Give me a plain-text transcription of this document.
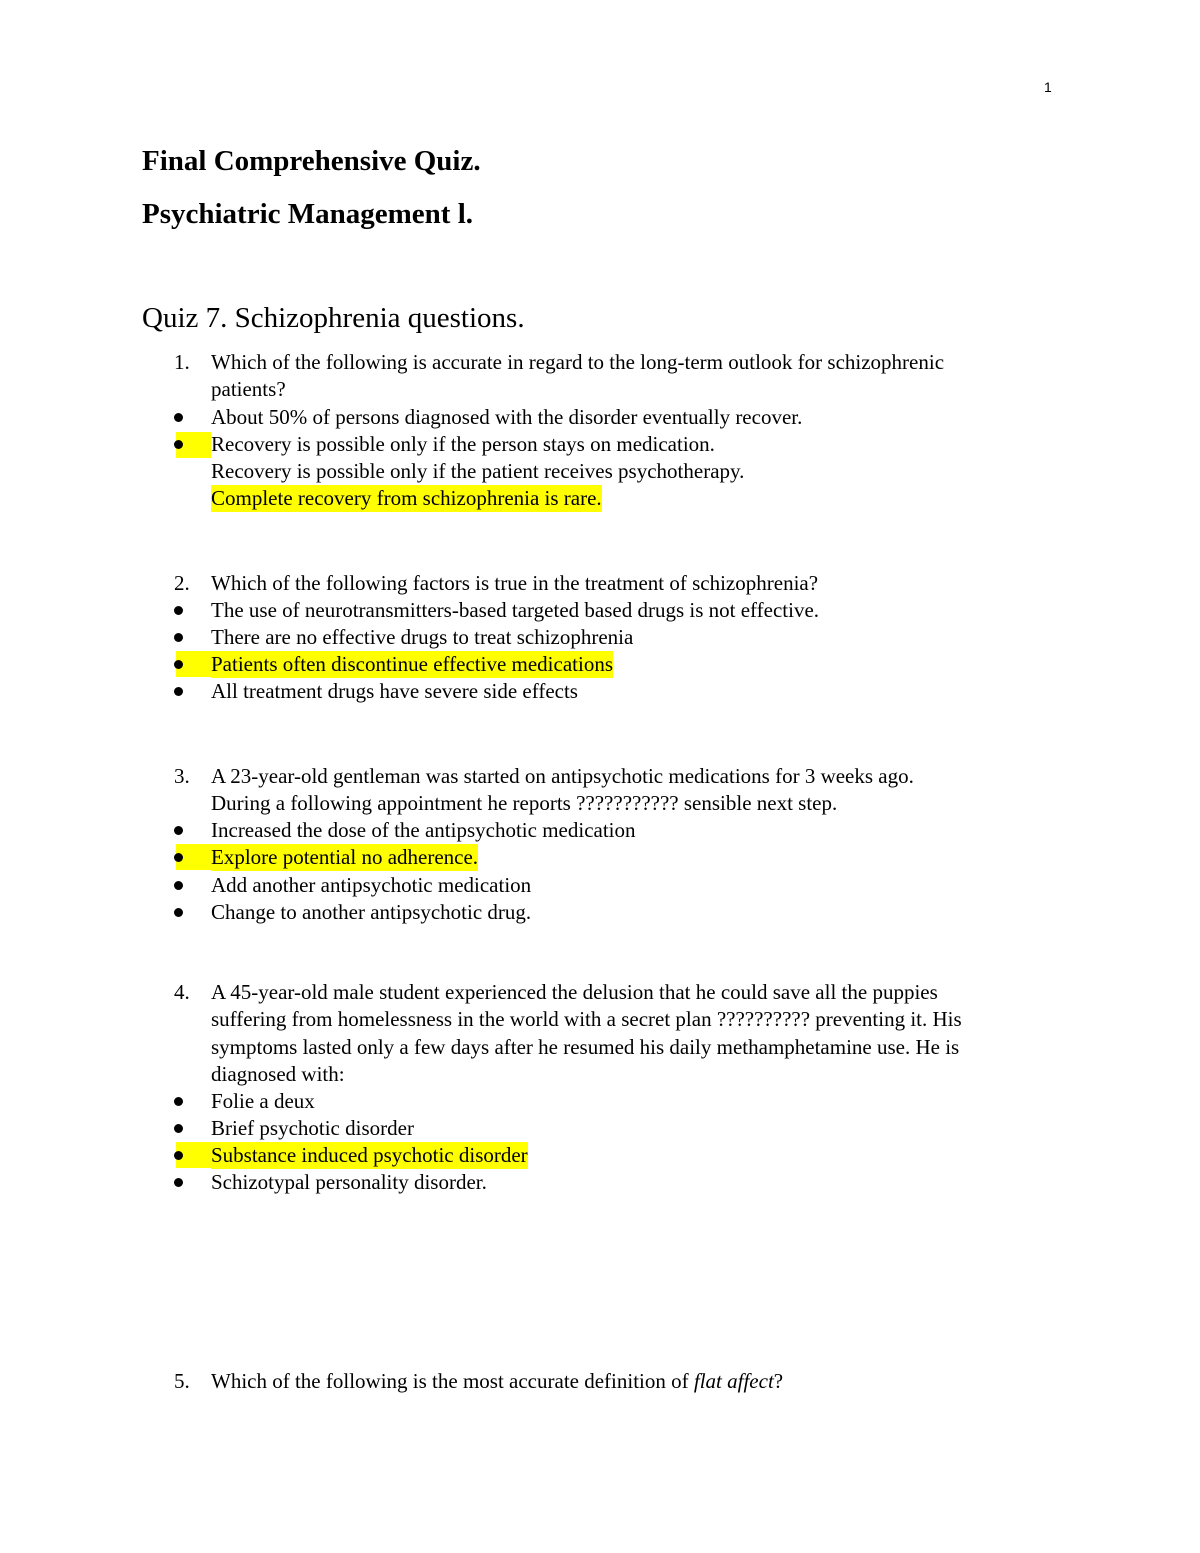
1
Final Comprehensive Quiz.
Psychiatric Management l.
Quiz 7. Schizophrenia questions.
1. Which of the following is accurate in regard to the long-term outlook for schizophrenic
patients?
About 50% of persons diagnosed with the disorder eventually recover.
Recovery is possible only if the person stays on medication.
Recovery is possible only if the patient receives psychotherapy.
Complete recovery from schizophrenia is rare.
2. Which of the following factors is true in the treatment of schizophrenia?
The use of neurotransmitters-based targeted based drugs is not effective.
There are no effective drugs to treat schizophrenia
Patients often discontinue effective medications
All treatment drugs have severe side effects
3. A 23-year-old gentleman was started on antipsychotic medications for 3 weeks ago.
During a following appointment he reports ??????????? sensible next step.
Increased the dose of the antipsychotic medication
Explore potential no adherence.
Add another antipsychotic medication
Change to another antipsychotic drug.
4. A 45-year-old male student experienced the delusion that he could save all the puppies
suffering from homelessness in the world with a secret plan ?????????? preventing it. His
symptoms lasted only a few days after he resumed his daily methamphetamine use. He is
diagnosed with:
Folie a deux
Brief psychotic disorder
Substance induced psychotic disorder
Schizotypal personality disorder.
5. Which of the following is the most accurate definition of flat affect?
